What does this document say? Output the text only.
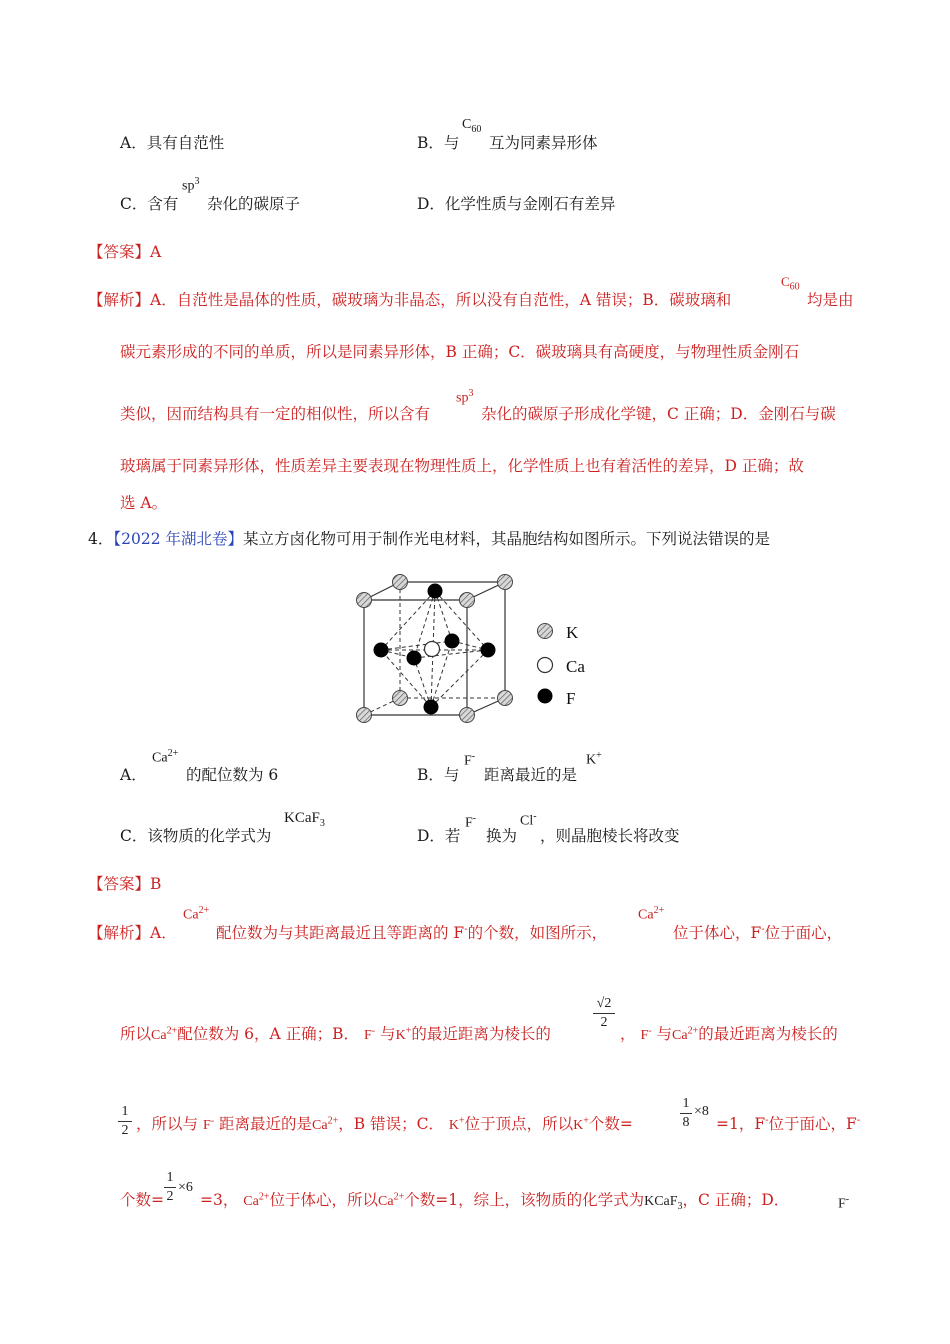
A．具有自范性	B．与
$C_{60}$
互为同素异形体
C．含有
$sp^3$
杂化的碳原子	D．化学性质与金刚石有差异
【答案】A
【解析】A．自范性是晶体的性质，碳玻璃为非晶态，所以没有自范性，A 错误；B．碳玻璃和
$C_{60}$
均是由
碳元素形成的不同的单质，所以是同素异形体，B 正确；C．碳玻璃具有高硬度，与物理性质金刚石
类似，因而结构具有一定的相似性，所以含有
$sp^3$
杂化的碳原子形成化学键，C 正确；D．金刚石与碳
玻璃属于同素异形体，性质差异主要表现在物理性质上，化学性质上也有着活性的差异，D 正确；故
选 A。
4．【2022 年湖北卷】某立方卤化物可用于制作光电材料，其晶胞结构如图所示。下列说法错误的是
K
Ca
F
A．
$Ca^{2+}$
的配位数为 6	B．与
F-
距离最近的是
K+
C．该物质的化学式为
KCaF$_3$
D．若
F-
换为
Cl-
，则晶胞棱长将改变
【答案】B
【解析】A．
$Ca^{2+}$
配位数为与其距离最近且等距离的 F-的个数，如图所示，
$Ca^{2+}$
位于体心，F-位于面心，
所以$Ca^{2+}$配位数为 6，A 正确；B． F- 与K+的最近距离为棱长的
√2
2
， F- 与$Ca^{2+}$的最近距离为棱长的
1
2 ，所以与 F- 距离最近的是$Ca^{2+}$，B 错误；C． K+位于顶点，所以K+个数=
1
8
×8
=1，F-位于面心，F-
个数=
1
2
×6
=3， $Ca^{2+}$位于体心，所以$Ca^{2+}$个数=1，综上，该物质的化学式为KCaF$_3$，C 正确；D．	F-
